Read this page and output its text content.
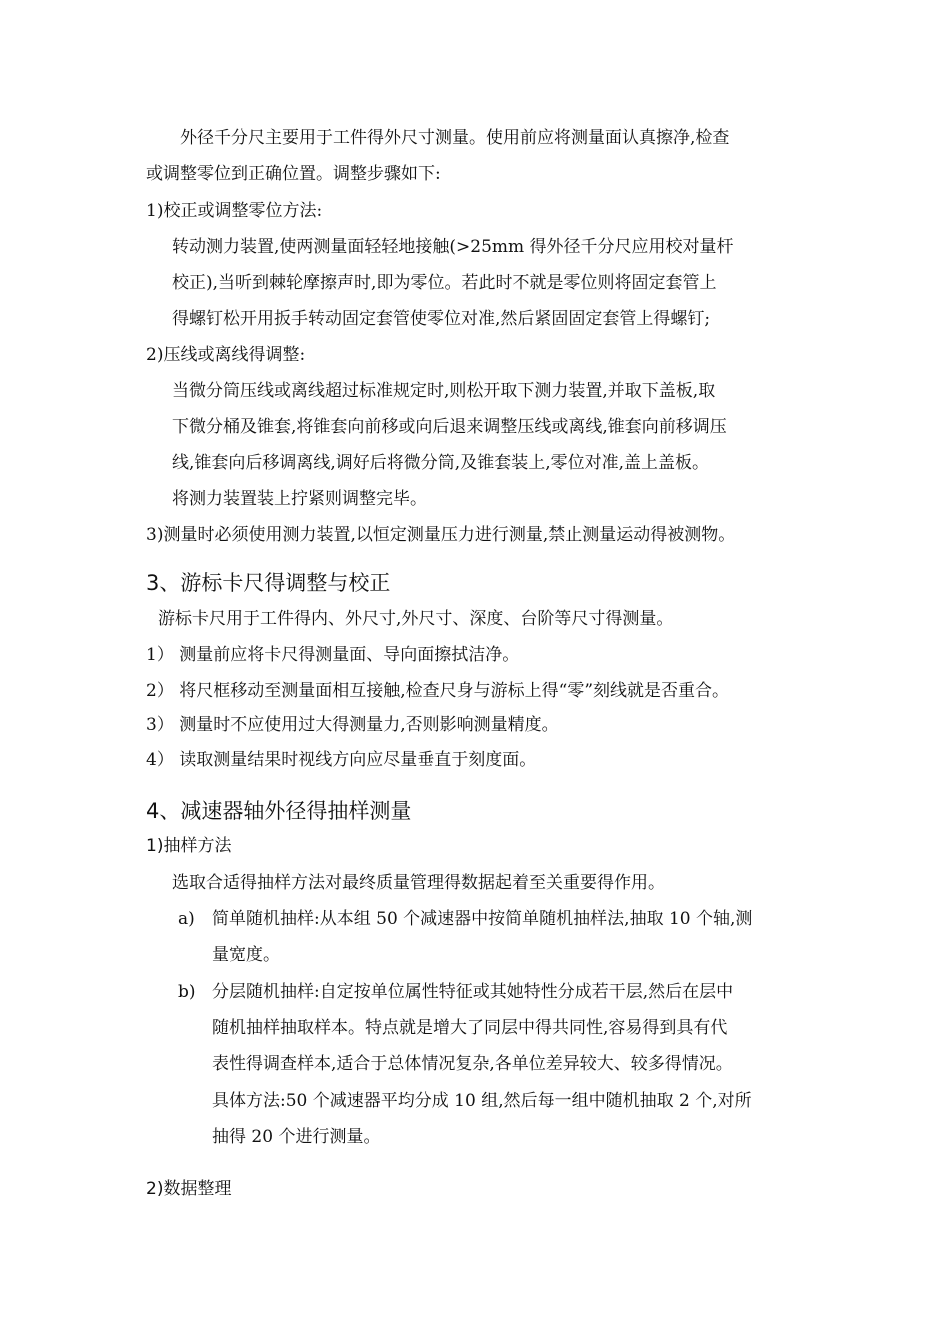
外径千分尺主要用于工件得外尺寸测量。使用前应将测量面认真擦净,检查
或调整零位到正确位置。调整步骤如下:
1)校正或调整零位方法:
转动测力装置,使两测量面轻轻地接触(>25mm 得外径千分尺应用校对量杆
校正),当听到棘轮摩擦声时,即为零位。若此时不就是零位则将固定套管上
得螺钉松开用扳手转动固定套管使零位对准,然后紧固固定套管上得螺钉;
2)压线或离线得调整:
当微分筒压线或离线超过标准规定时,则松开取下测力装置,并取下盖板,取
下微分桶及锥套,将锥套向前移或向后退来调整压线或离线,锥套向前移调压
线,锥套向后移调离线,调好后将微分筒,及锥套装上,零位对准,盖上盖板。
将测力装置装上拧紧则调整完毕。
3)测量时必须使用测力装置,以恒定测量压力进行测量,禁止测量运动得被测物。
3、游标卡尺得调整与校正
游标卡尺用于工件得内、外尺寸,外尺寸、深度、台阶等尺寸得测量。
1） 测量前应将卡尺得测量面、导向面擦拭洁净。
2） 将尺框移动至测量面相互接触,检查尺身与游标上得“零”刻线就是否重合。
3） 测量时不应使用过大得测量力,否则影响测量精度。
4） 读取测量结果时视线方向应尽量垂直于刻度面。
4、减速器轴外径得抽样测量
1)抽样方法
选取合适得抽样方法对最终质量管理得数据起着至关重要得作用。
a) 简单随机抽样:从本组 50 个减速器中按简单随机抽样法,抽取 10 个轴,测
量宽度。
b) 分层随机抽样:自定按单位属性特征或其她特性分成若干层,然后在层中
随机抽样抽取样本。特点就是增大了同层中得共同性,容易得到具有代
表性得调查样本,适合于总体情况复杂,各单位差异较大、较多得情况。
具体方法:50 个减速器平均分成 10 组,然后每一组中随机抽取 2 个,对所
抽得 20 个进行测量。
2)数据整理
